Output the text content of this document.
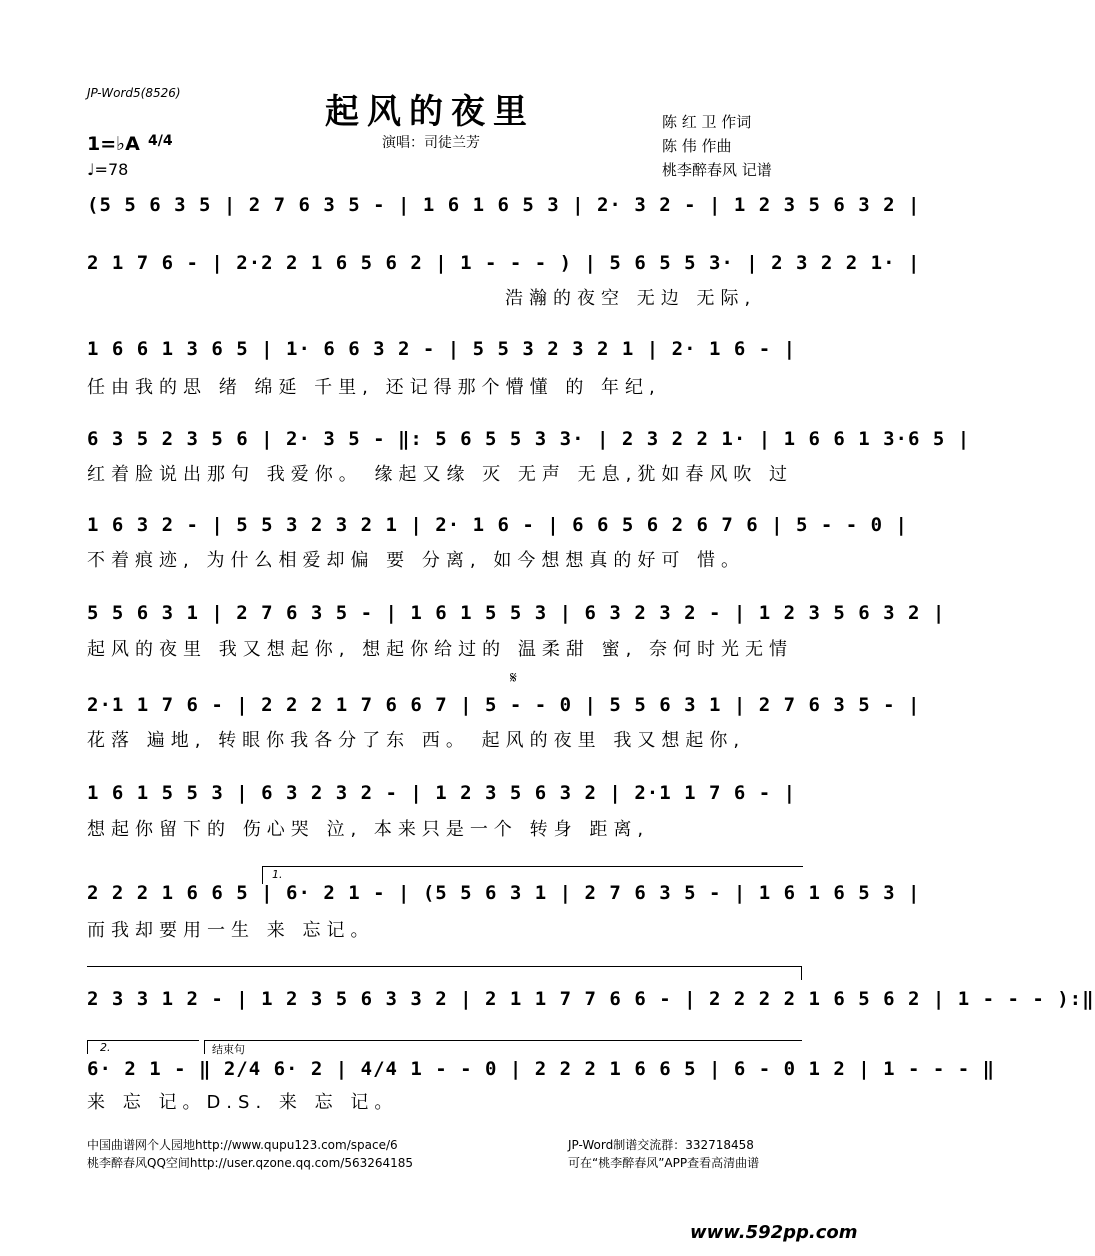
JP-Word5(8526)	起风的夜里
演唱：司徒兰芳
陈 红 卫 作词
陈 伟 作曲
桃李醉春风 记谱
1=♭A 4/4
♩=78
(5 5 6 3 5 | 2 7 6 3 5 - | 1 6 1 6 5 3 | 2· 3 2 - | 1 2 3 5 6 3 2 |
2 1 7 6 - | 2·2 2 1 6 5 6 2 | 1 - - - ) | 5 6 5 5 3· | 2 3 2 2 1· |
浩瀚的夜空 无边 无际,
1 6 6 1 3 6 5 | 1· 6 6 3 2 - | 5 5 3 2 3 2 1 | 2· 1 6 - |
任由我的思 绪 绵延 千里, 还记得那个懵懂 的 年纪,
6 3 5 2 3 5 6 | 2· 3 5 - ‖: 5 6 5 5 3 3· | 2 3 2 2 1· | 1 6 6 1 3·6 5 |
红着脸说出那句 我爱你。 缘起又缘 灭 无声 无息,犹如春风吹 过
1 6 3 2 - | 5 5 3 2 3 2 1 | 2· 1 6 - | 6 6 5 6 2 6 7 6 | 5 - - 0 |
不着痕迹, 为什么相爱却偏 要 分离, 如今想想真的好可 惜。
5 5 6 3 1 | 2 7 6 3 5 - | 1 6 1 5 5 3 | 6 3 2 3 2 - | 1 2 3 5 6 3 2 |
起风的夜里 我又想起你, 想起你给过的 温柔甜 蜜, 奈何时光无情
𝄋
2·1 1 7 6 - | 2 2 2 1 7 6 6 7 | 5 - - 0 | 5 5 6 3 1 | 2 7 6 3 5 - |
花落 遍地, 转眼你我各分了东 西。 起风的夜里 我又想起你,
1 6 1 5 5 3 | 6 3 2 3 2 - | 1 2 3 5 6 3 2 | 2·1 1 7 6 - |
想起你留下的 伤心哭 泣, 本来只是一个 转身 距离,
1.
2 2 2 1 6 6 5 | 6· 2 1 - | (5 5 6 3 1 | 2 7 6 3 5 - | 1 6 1 6 5 3 |
而我却要用一生 来 忘记。
2 3 3 1 2 - | 1 2 3 5 6 3 3 2 | 2 1 1 7 7 6 6 - | 2 2 2 2 1 6 5 6 2 | 1 - - - ):‖
2.	结束句
6· 2 1 - ‖ 2/4 6· 2 | 4/4 1 - - 0 | 2 2 2 1 6 6 5 | 6 - 0 1 2 | 1 - - - ‖
来 忘 记。D.S. 来 忘 记。
中国曲谱网个人园地http://www.qupu123.com/space/6
桃李醉春风QQ空间http://user.qzone.qq.com/563264185
JP-Word制谱交流群：332718458
可在“桃李醉春风”APP查看高清曲谱
www.592pp.com
